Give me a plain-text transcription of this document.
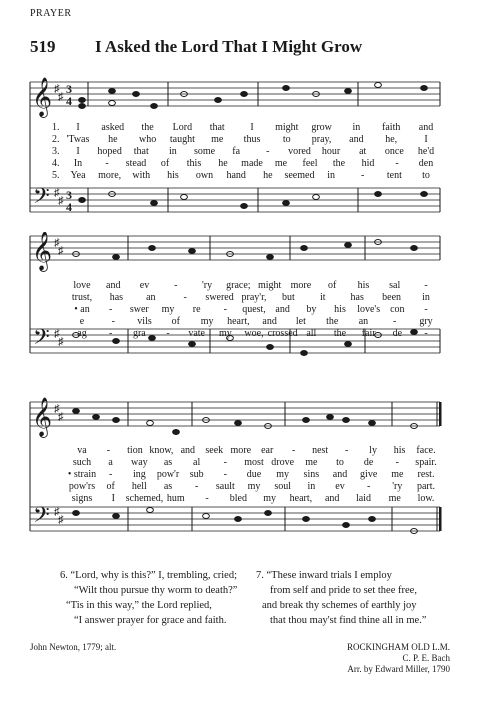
PRAYER
519 I Asked the Lord That I Might Grow
𝄞
𝄢
♯
♯
♯
♯
3
4
3
4
𝄞
𝄢
♯
♯
♯
♯
𝄞
𝄢
♯
♯
♯
♯
1. I asked the Lord that	I might grow in faith and
2. 'Twas he who taught me thus to pray, and he,	I
3. I hoped that in some fa	- vored hour at once he'd
4. In - stead of this he made me feel the hid - den
5. Yea more, with his own hand he seemed in	- tent to
love and ev - 'ry grace; might more of his sal -
trust, has an	- swered pray'r, but	it has been in
• an - swer my re - quest, and by his love's con -
e	- vils of my heart, and let the an - gry
ag - gra - vate my woe, crossed all the fair de -
va - tion know, and seek more ear - nest - ly his face.
such a way as al - most drove me to de - spair.
• strain - ing pow'r sub - due my sins and give me rest.
pow'rs of hell as - sault my soul in ev - 'ry part.
signs I schemed, hum - bled my heart, and laid me low.
6. “Lord, why is this?” I, trembling, cried;
“Wilt thou pursue thy worm to death?”
“Tis in this way,” the Lord replied,
“I answer prayer for grace and faith.
7. “These inward trials I employ
from self and pride to set thee free,
and break thy schemes of earthly joy
that thou may'st find thine all in me.”
John Newton, 1779; alt.	ROCKINGHAM OLD L.M.
C. P. E. Bach
Arr. by Edward Miller, 1790
